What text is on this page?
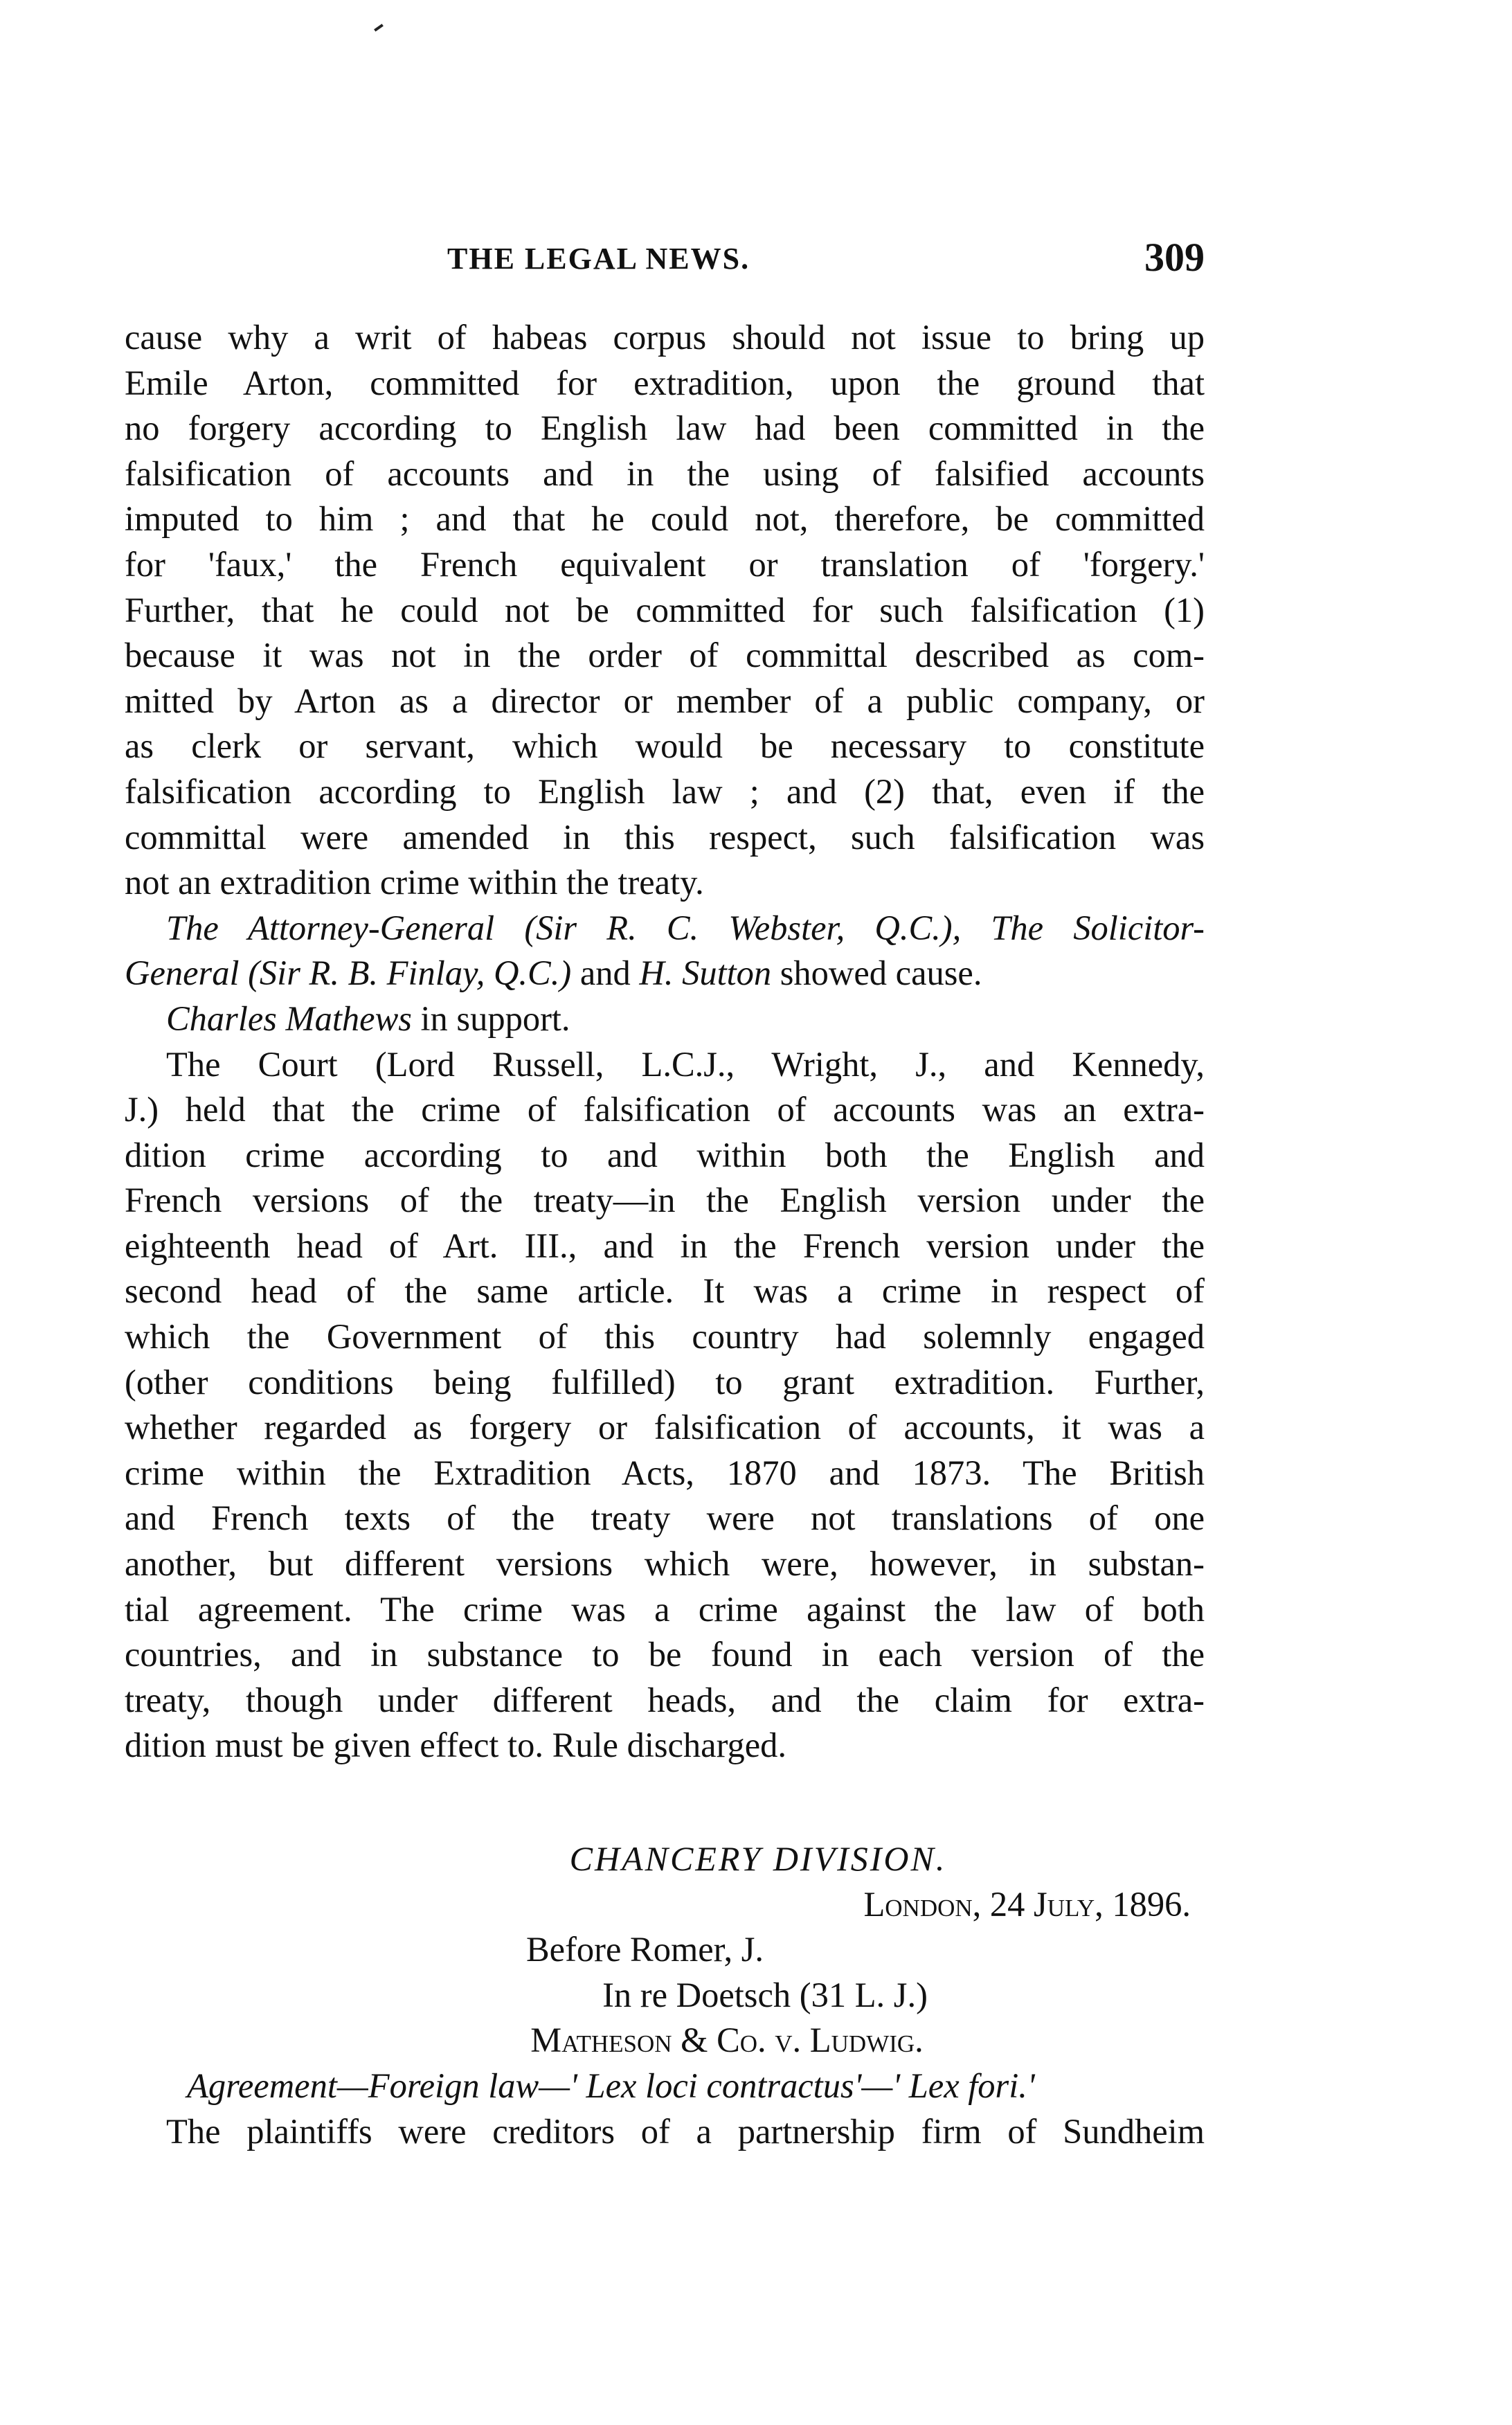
THE LEGAL NEWS.	309
cause why a writ of habeas corpus should not issue to bring up
Emile Arton, committed for extradition, upon the ground that
no forgery according to English law had been committed in the
falsification of accounts and in the using of falsified accounts
imputed to him ; and that he could not, therefore, be committed
for 'faux,' the French equivalent or translation of 'forgery.'
Further, that he could not be committed for such falsification (1)
because it was not in the order of committal described as com-
mitted by Arton as a director or member of a public company, or
as clerk or servant, which would be necessary to constitute
falsification according to English law ; and (2) that, even if the
committal were amended in this respect, such falsification was
not an extradition crime within the treaty.
The Attorney-General (Sir R. C. Webster, Q.C.), The Solicitor-
General (Sir R. B. Finlay, Q.C.) and H. Sutton showed cause.
Charles Mathews in support.
The Court (Lord Russell, L.C.J., Wright, J., and Kennedy,
J.) held that the crime of falsification of accounts was an extra-
dition crime according to and within both the English and
French versions of the treaty—in the English version under the
eighteenth head of Art. III., and in the French version under the
second head of the same article. It was a crime in respect of
which the Government of this country had solemnly engaged
(other conditions being fulfilled) to grant extradition. Further,
whether regarded as forgery or falsification of accounts, it was a
crime within the Extradition Acts, 1870 and 1873. The British
and French texts of the treaty were not translations of one
another, but different versions which were, however, in substan-
tial agreement. The crime was a crime against the law of both
countries, and in substance to be found in each version of the
treaty, though under different heads, and the claim for extra-
dition must be given effect to. Rule discharged.
CHANCERY DIVISION.
London, 24 July, 1896.
Before Romer, J.
In re Doetsch (31 L. J.)
Matheson & Co. v. Ludwig.
Agreement—Foreign law—' Lex loci contractus'—' Lex fori.'
The plaintiffs were creditors of a partnership firm of Sundheim
